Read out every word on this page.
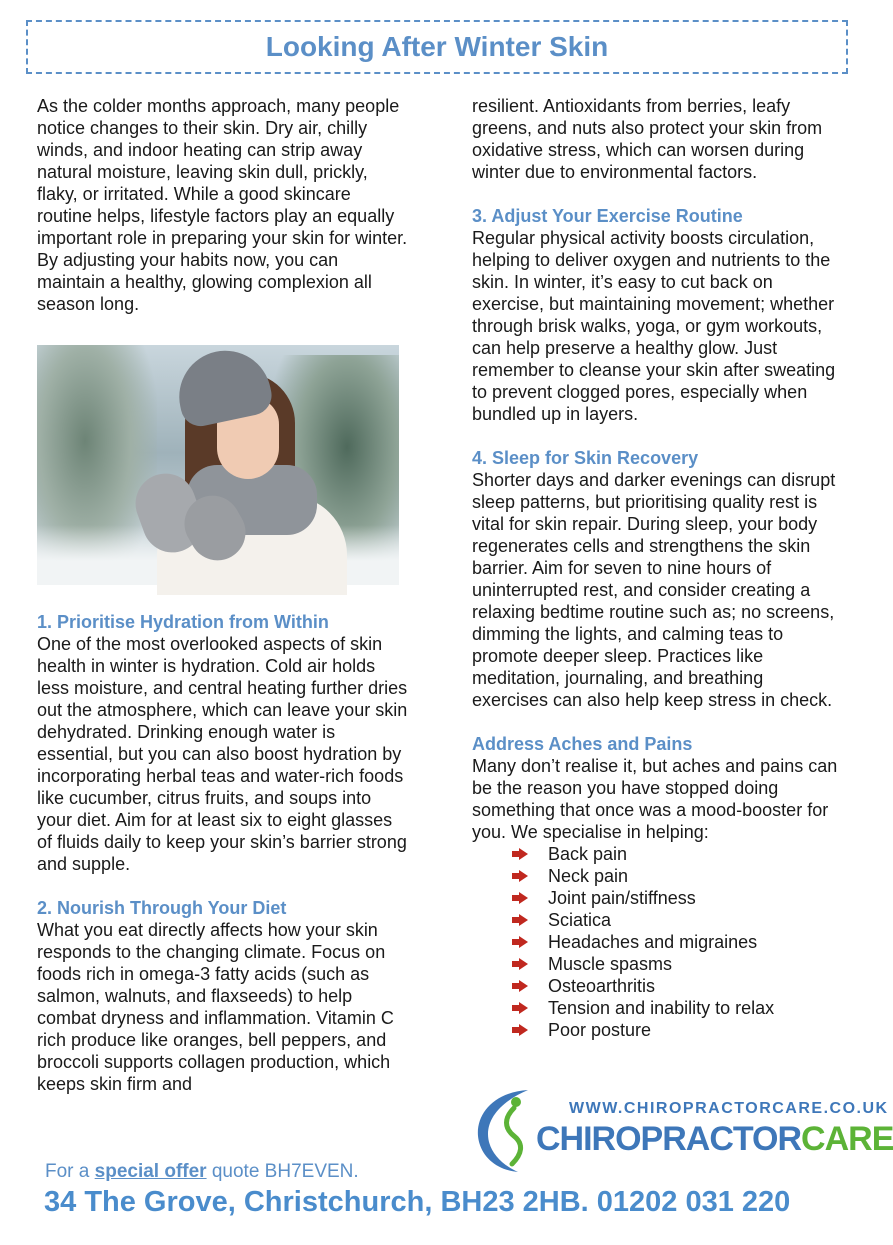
Looking After Winter Skin

As the colder months approach, many people notice changes to their skin. Dry air, chilly winds, and indoor heating can strip away natural moisture, leaving skin dull, prickly, flaky, or irritated. While a good skincare routine helps, lifestyle factors play an equally important role in preparing your skin for winter. By adjusting your habits now, you can maintain a healthy, glowing complexion all season long.

1. Prioritise Hydration from Within

One of the most overlooked aspects of skin health in winter is hydration. Cold air holds less moisture, and central heating further dries out the atmosphere, which can leave your skin dehydrated. Drinking enough water is essential, but you can also boost hydration by incorporating herbal teas and water-rich foods like cucumber, citrus fruits, and soups into your diet. Aim for at least six to eight glasses of fluids daily to keep your skin’s barrier strong and supple.

2. Nourish Through Your Diet

What you eat directly affects how your skin responds to the changing climate. Focus on foods rich in omega-3 fatty acids (such as salmon, walnuts, and flaxseeds) to help combat dryness and inflammation. Vitamin C rich produce like oranges, bell peppers, and broccoli supports collagen production, which keeps skin firm and

resilient. Antioxidants from berries, leafy greens, and nuts also protect your skin from oxidative stress, which can worsen during winter due to environmental factors.

3. Adjust Your Exercise Routine

Regular physical activity boosts circulation, helping to deliver oxygen and nutrients to the skin. In winter, it’s easy to cut back on exercise, but maintaining movement; whether through brisk walks, yoga, or gym workouts, can help preserve a healthy glow. Just remember to cleanse your skin after sweating to prevent clogged pores, especially when bundled up in layers.

4. Sleep for Skin Recovery

Shorter days and darker evenings can disrupt sleep patterns, but prioritising quality rest is vital for skin repair. During sleep, your body regenerates cells and strengthens the skin barrier. Aim for seven to nine hours of uninterrupted rest, and consider creating a relaxing bedtime routine such as; no screens, dimming the lights, and calming teas to promote deeper sleep. Practices like meditation, journaling, and breathing exercises can also help keep stress in check.

Address Aches and Pains

Many don’t realise it, but aches and pains can be the reason you have stopped doing something that once was a mood-booster for you. We specialise in helping:

Back pain
Neck pain
Joint pain/stiffness
Sciatica
Headaches and migraines
Muscle spasms
Osteoarthritis
Tension and inability to relax
Poor posture
WWW.CHIROPRACTORCARE.CO.UK
CHIROPRACTORCARE
For a special offer quote BH7EVEN.
34 The Grove, Christchurch, BH23 2HB. 01202 031 220
